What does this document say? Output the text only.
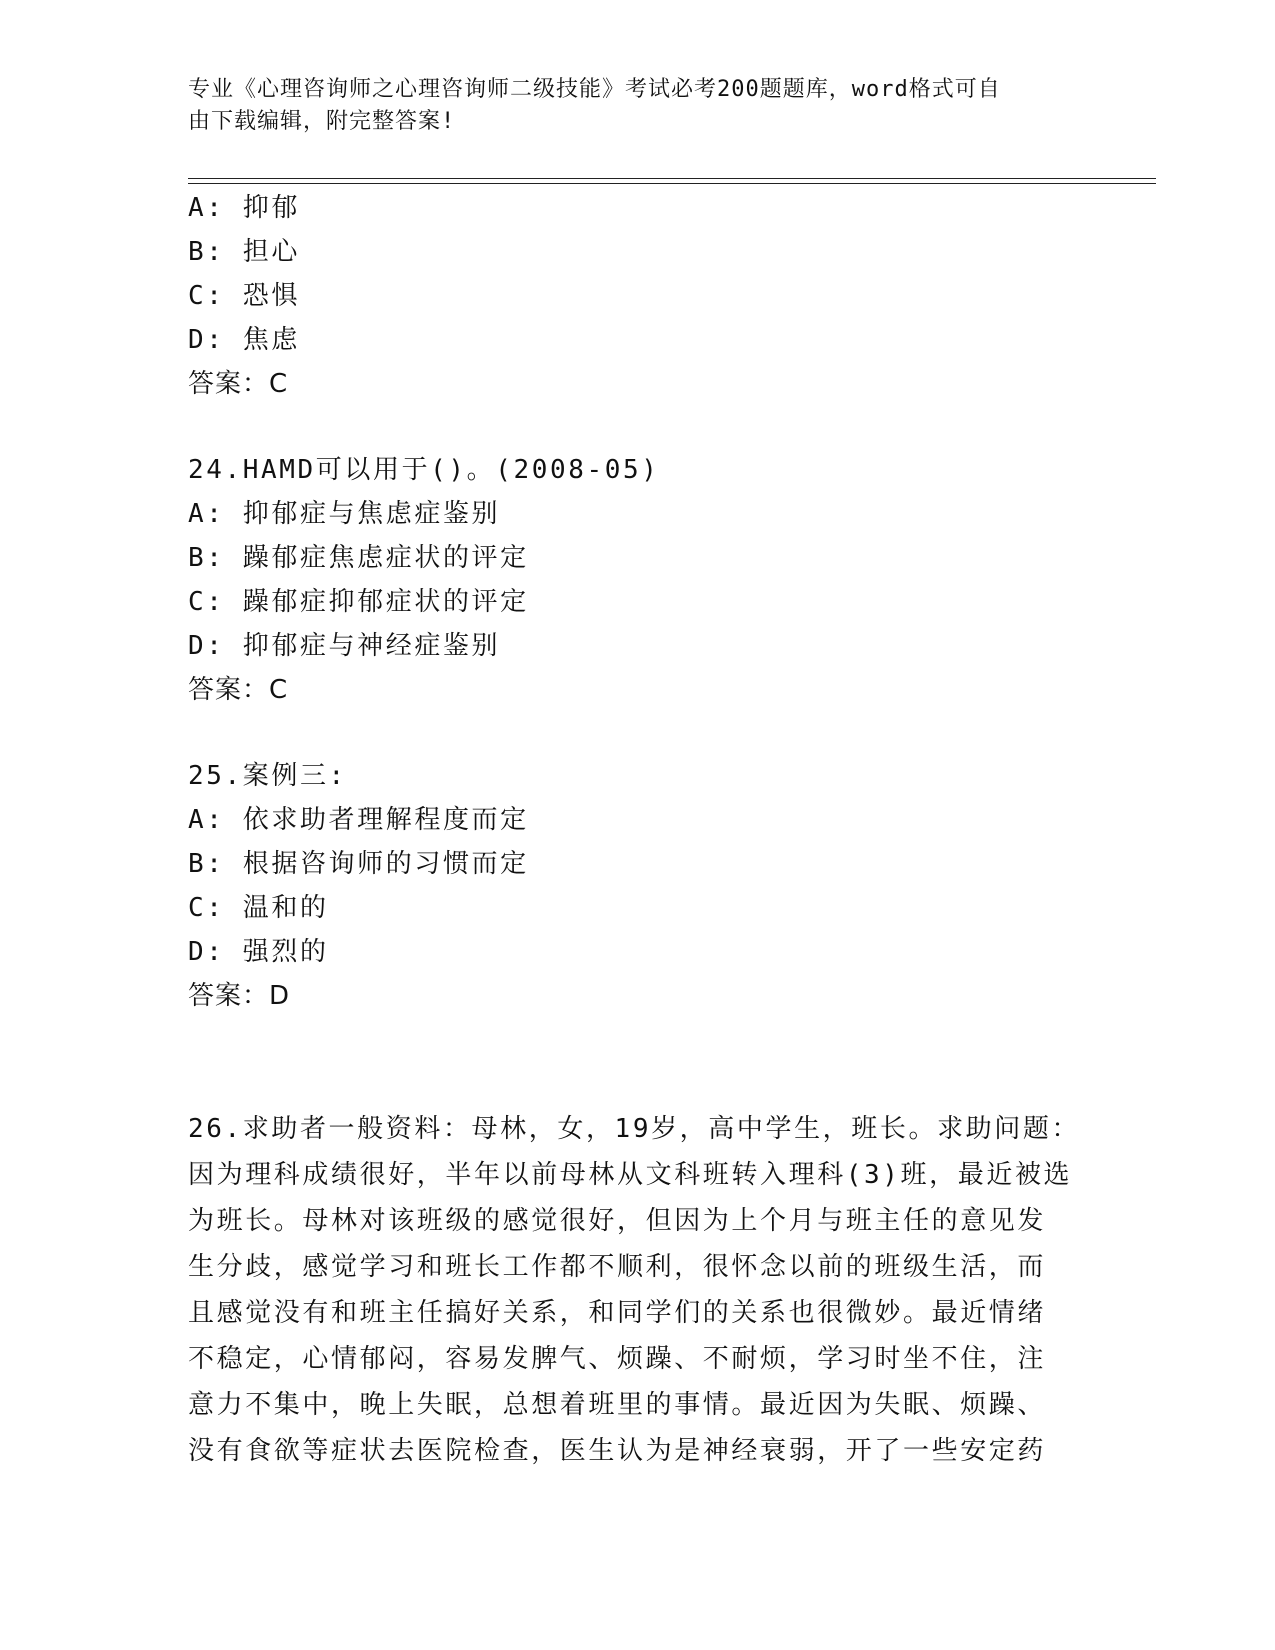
专业《心理咨询师之心理咨询师二级技能》考试必考200题题库，word格式可自
由下载编辑，附完整答案!
A: 抑郁
B: 担心
C: 恐惧
D: 焦虑
答案：C
24.HAMD可以用于()。(2008-05)
A: 抑郁症与焦虑症鉴别
B: 躁郁症焦虑症状的评定
C: 躁郁症抑郁症状的评定
D: 抑郁症与神经症鉴别
答案：C
25.案例三:
A: 依求助者理解程度而定
B: 根据咨询师的习惯而定
C: 温和的
D: 强烈的
答案：D
26.求助者一般资料：母林，女，19岁，高中学生，班长。求助问题：
因为理科成绩很好，半年以前母林从文科班转入理科(3)班，最近被选
为班长。母林对该班级的感觉很好，但因为上个月与班主任的意见发
生分歧，感觉学习和班长工作都不顺利，很怀念以前的班级生活，而
且感觉没有和班主任搞好关系，和同学们的关系也很微妙。最近情绪
不稳定，心情郁闷，容易发脾气、烦躁、不耐烦，学习时坐不住，注
意力不集中，晚上失眠，总想着班里的事情。最近因为失眠、烦躁、
没有食欲等症状去医院检查，医生认为是神经衰弱，开了一些安定药
